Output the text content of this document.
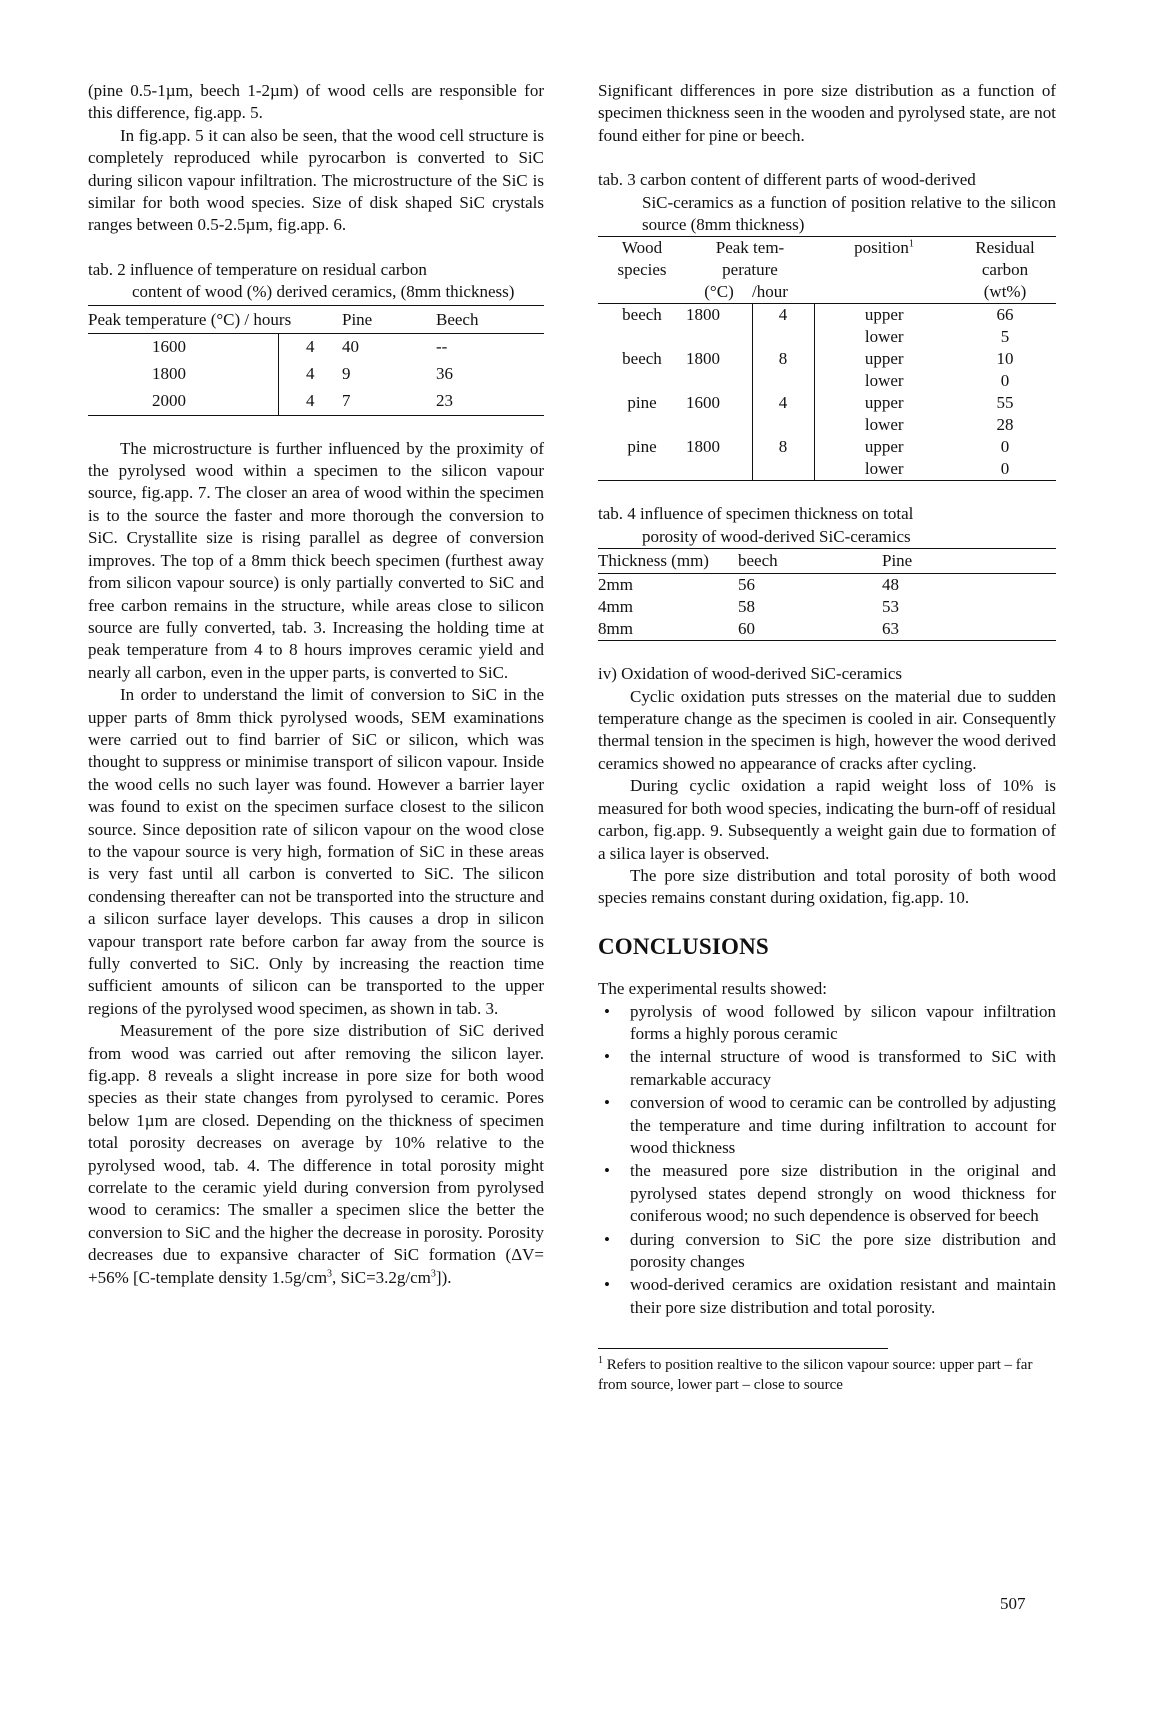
(pine 0.5-1µm, beech 1-2µm) of wood cells are responsible for this difference, fig.app. 5.

In fig.app. 5 it can also be seen, that the wood cell structure is completely reproduced while pyrocarbon is converted to SiC during silicon vapour infiltration. The microstructure of the SiC is similar for both wood species. Size of disk shaped SiC crystals ranges between 0.5-2.5µm, fig.app. 6.

tab. 2 influence of temperature on residual carbon
content of wood (%) derived ceramics, (8mm thickness)

Peak temperature (°C) / hours			Pine	Beech
	1600	4	40	--
	1800	4	9	36
	2000	4	7	23

The microstructure is further influenced by the proximity of the pyrolysed wood within a specimen to the silicon vapour source, fig.app. 7. The closer an area of wood within the specimen is to the source the faster and more thorough the conversion to SiC. Crystallite size is rising parallel as degree of conversion improves. The top of a 8mm thick beech specimen (furthest away from silicon vapour source) is only partially converted to SiC and free carbon remains in the structure, while areas close to silicon source are fully converted, tab. 3. Increasing the holding time at peak temperature from 4 to 8 hours improves ceramic yield and nearly all carbon, even in the upper parts, is converted to SiC.

In order to understand the limit of conversion to SiC in the upper parts of 8mm thick pyrolysed woods, SEM examinations were carried out to find barrier of SiC or silicon, which was thought to suppress or minimise transport of silicon vapour. Inside the wood cells no such layer was found. However a barrier layer was found to exist on the specimen surface closest to the silicon source. Since deposition rate of silicon vapour on the wood close to the vapour source is very high, formation of SiC in these areas is very fast until all carbon is converted to SiC. The silicon condensing thereafter can not be transported into the structure and a silicon surface layer develops. This causes a drop in silicon vapour transport rate before carbon far away from the source is fully converted to SiC. Only by increasing the reaction time sufficient amounts of silicon can be transported to the upper regions of the pyrolysed wood specimen, as shown in tab. 3.

Measurement of the pore size distribution of SiC derived from wood was carried out after removing the silicon layer. fig.app. 8 reveals a slight increase in pore size for both wood species as their state changes from pyrolysed to ceramic. Pores below 1µm are closed. Depending on the thickness of specimen total porosity decreases on average by 10% relative to the pyrolysed wood, tab. 4. The difference in total porosity might correlate to the ceramic yield during conversion from pyrolysed wood to ceramics: The smaller a specimen slice the better the conversion to SiC and the higher the decrease in porosity. Porosity decreases due to expansive character of SiC formation (ΔV= +56% [C-template density $1.5g/cm^3$, $SiC=3.2g/cm^3$]).

Significant differences in pore size distribution as a function of specimen thickness seen in the wooden and pyrolysed state, are not found either for pine or beech.

tab. 3 carbon content of different parts of wood-derived
SiC-ceramics as a function of position relative to the silicon source (8mm thickness)

Wood	Peak tem-		position$^1$	Residual
species	perature			carbon
	(°C)	/hour		(wt%)
beech	1800	4	upper	66
			lower	5
beech	1800	8	upper	10
			lower	0
pine	1600	4	upper	55
			lower	28
pine	1800	8	upper	0
			lower	0

tab. 4 influence of specimen thickness on total
porosity of wood-derived SiC-ceramics

Thickness (mm)	beech	Pine
2mm	56	48
4mm	58	53
8mm	60	63

iv) Oxidation of wood-derived SiC-ceramics

Cyclic oxidation puts stresses on the material due to sudden temperature change as the specimen is cooled in air. Consequently thermal tension in the specimen is high, however the wood derived ceramics showed no appearance of cracks after cycling.

During cyclic oxidation a rapid weight loss of 10% is measured for both wood species, indicating the burn-off of residual carbon, fig.app. 9. Subsequently a weight gain due to formation of a silica layer is observed.

The pore size distribution and total porosity of both wood species remains constant during oxidation, fig.app. 10.

CONCLUSIONS

The experimental results showed:

• pyrolysis of wood followed by silicon vapour infiltration forms a highly porous ceramic
• the internal structure of wood is transformed to SiC with remarkable accuracy
• conversion of wood to ceramic can be controlled by adjusting the temperature and time during infiltration to account for wood thickness
• the measured pore size distribution in the original and pyrolysed states depend strongly on wood thickness for coniferous wood; no such dependence is observed for beech
• during conversion to SiC the pore size distribution and porosity changes
• wood-derived ceramics are oxidation resistant and maintain their pore size distribution and total porosity.

$^1$ Refers to position realtive to the silicon vapour source: upper part – far from source, lower part – close to source

507
